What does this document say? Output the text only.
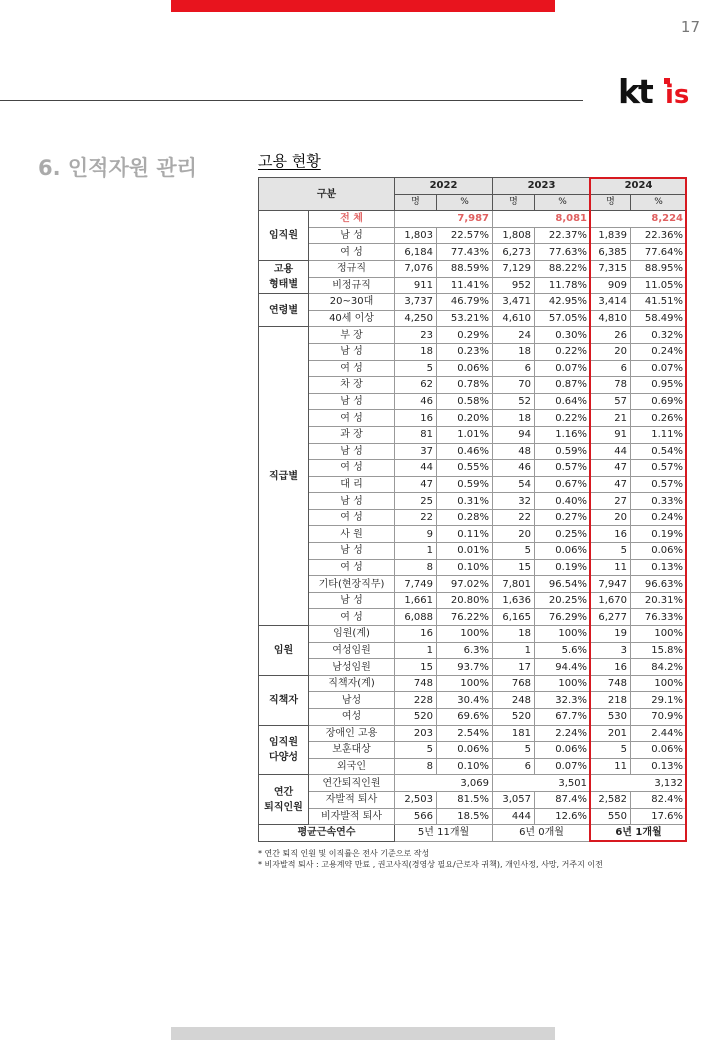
17
kt is
6. 인적자원 관리	고용 현황
구분		2022		2023		2024	
		명	%	명	%	명	%
임직원	전 체	7,987		8,081		8,224	
	남 성	1,803	22.57%	1,808	22.37%	1,839	22.36%
	여 성	6,184	77.43%	6,273	77.63%	6,385	77.64%
고용
형태별	정규직	7,076	88.59%	7,129	88.22%	7,315	88.95%
	비정규직	911	11.41%	952	11.78%	909	11.05%
연령별	20~30대	3,737	46.79%	3,471	42.95%	3,414	41.51%
	40세 이상	4,250	53.21%	4,610	57.05%	4,810	58.49%
직급별	부 장	23	0.29%	24	0.30%	26	0.32%
	남 성	18	0.23%	18	0.22%	20	0.24%
	여 성	5	0.06%	6	0.07%	6	0.07%
	차 장	62	0.78%	70	0.87%	78	0.95%
	남 성	46	0.58%	52	0.64%	57	0.69%
	여 성	16	0.20%	18	0.22%	21	0.26%
	과 장	81	1.01%	94	1.16%	91	1.11%
	남 성	37	0.46%	48	0.59%	44	0.54%
	여 성	44	0.55%	46	0.57%	47	0.57%
	대 리	47	0.59%	54	0.67%	47	0.57%
	남 성	25	0.31%	32	0.40%	27	0.33%
	여 성	22	0.28%	22	0.27%	20	0.24%
	사 원	9	0.11%	20	0.25%	16	0.19%
	남 성	1	0.01%	5	0.06%	5	0.06%
	여 성	8	0.10%	15	0.19%	11	0.13%
	기타(현장직무)	7,749	97.02%	7,801	96.54%	7,947	96.63%
	남 성	1,661	20.80%	1,636	20.25%	1,670	20.31%
	여 성	6,088	76.22%	6,165	76.29%	6,277	76.33%
임원	임원(계)	16	100%	18	100%	19	100%
	여성임원	1	6.3%	1	5.6%	3	15.8%
	남성임원	15	93.7%	17	94.4%	16	84.2%
직책자	직책자(계)	748	100%	768	100%	748	100%
	남성	228	30.4%	248	32.3%	218	29.1%
	여성	520	69.6%	520	67.7%	530	70.9%
임직원
다양성	장애인 고용	203	2.54%	181	2.24%	201	2.44%
	보훈대상	5	0.06%	5	0.06%	5	0.06%
	외국인	8	0.10%	6	0.07%	11	0.13%
연간
퇴직인원	연간퇴직인원	3,069		3,501		3,132	
	자발적 퇴사	2,503	81.5%	3,057	87.4%	2,582	82.4%
	비자발적 퇴사	566	18.5%	444	12.6%	550	17.6%
평균근속연수		5년 11개월		6년 0개월		6년 1개월	
* 연간 퇴직 인원 및 이직률은 전사 기준으로 작성
* 비자발적 퇴사 : 고용계약 만료 , 권고사직(경영상 필요/근로자 귀책), 개인사정, 사망, 거주지 이전
